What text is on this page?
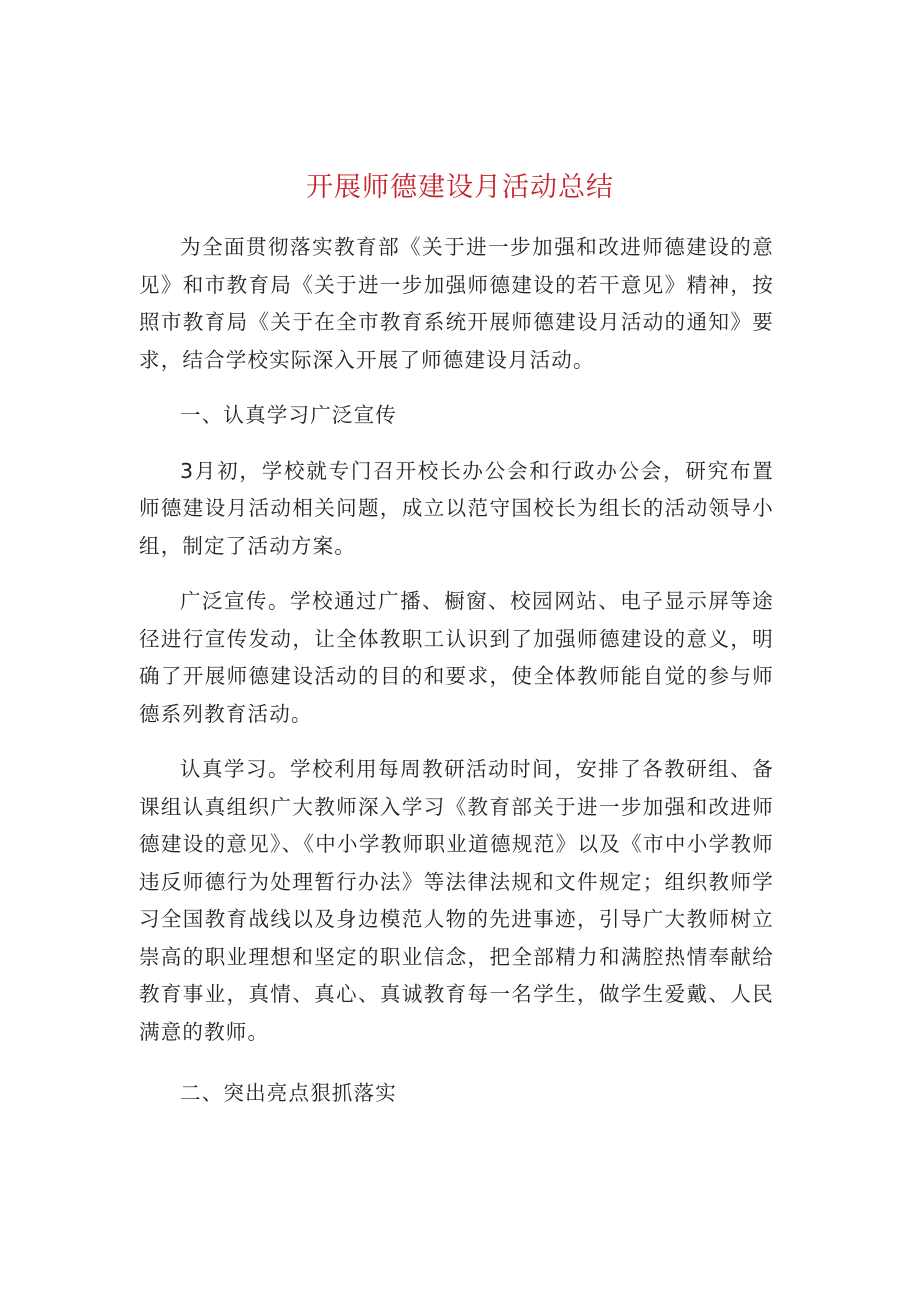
开展师德建设月活动总结

为全面贯彻落实教育部《关于进一步加强和改进师德建设的意见》和市教育局《关于进一步加强师德建设的若干意见》精神，按照市教育局《关于在全市教育系统开展师德建设月活动的通知》要求，结合学校实际深入开展了师德建设月活动。

一、认真学习广泛宣传

3月初，学校就专门召开校长办公会和行政办公会，研究布置师德建设月活动相关问题，成立以范守国校长为组长的活动领导小组，制定了活动方案。

广泛宣传。学校通过广播、橱窗、校园网站、电子显示屏等途径进行宣传发动，让全体教职工认识到了加强师德建设的意义，明确了开展师德建设活动的目的和要求，使全体教师能自觉的参与师德系列教育活动。

认真学习。学校利用每周教研活动时间，安排了各教研组、备课组认真组织广大教师深入学习《教育部关于进一步加强和改进师德建设的意见》、《中小学教师职业道德规范》以及《市中小学教师违反师德行为处理暂行办法》等法律法规和文件规定；组织教师学习全国教育战线以及身边模范人物的先进事迹，引导广大教师树立崇高的职业理想和坚定的职业信念，把全部精力和满腔热情奉献给教育事业，真情、真心、真诚教育每一名学生，做学生爱戴、人民满意的教师。

二、突出亮点狠抓落实
